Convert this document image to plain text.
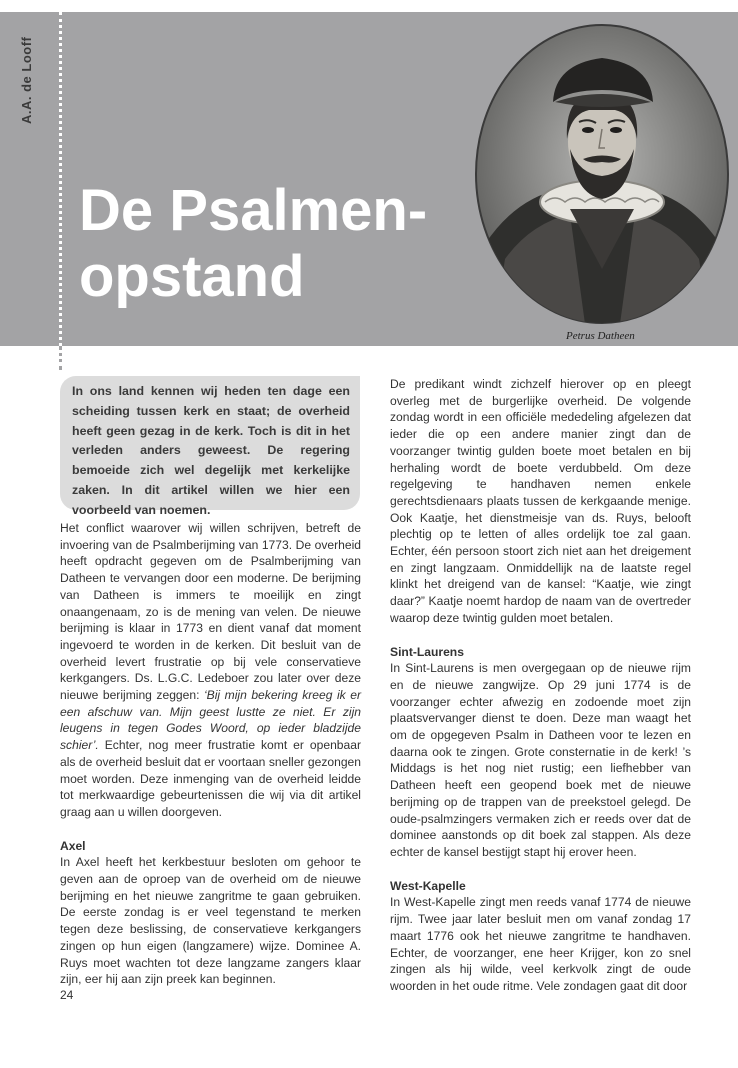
A.A. de Looff
De Psalmen-
opstand
Petrus Datheen
In ons land kennen wij heden ten dage een scheiding tussen kerk en staat; de overheid heeft geen gezag in de kerk. Toch is dit in het verleden anders geweest. De regering bemoeide zich wel degelijk met kerkelijke zaken. In dit artikel willen we hier een voorbeeld van noemen.

Het conflict waarover wij willen schrijven, betreft de invoering van de Psalmberijming van 1773. De overheid heeft opdracht gegeven om de Psalmberijming van Datheen te vervangen door een moderne. De berijming van Datheen is immers te moeilijk en zingt onaangenaam, zo is de mening van velen. De nieuwe berijming is klaar in 1773 en dient vanaf dat moment ingevoerd te worden in de kerken. Dit besluit van de overheid levert frustratie op bij vele conservatieve kerkgangers. Ds. L.G.C. Ledeboer zou later over deze nieuwe berijming zeggen: ‘Bij mijn bekering kreeg ik er een afschuw van. Mijn geest lustte ze niet. Er zijn leugens in tegen Godes Woord, op ieder bladzijde schier’. Echter, nog meer frustratie komt er openbaar als de overheid besluit dat er voortaan sneller gezongen moet worden. Deze inmenging van de overheid leidde tot merkwaardige gebeurtenissen die wij via dit artikel graag aan u willen doorgeven.

Axel

In Axel heeft het kerkbestuur besloten om gehoor te geven aan de oproep van de overheid om de nieuwe berijming en het nieuwe zangritme te gaan gebruiken. De eerste zondag is er veel tegenstand te merken tegen deze beslissing, de conservatieve kerkgangers zingen op hun eigen (langzamere) wijze. Dominee A. Ruys moet wachten tot deze langzame zangers klaar zijn, eer hij aan zijn preek kan beginnen.

De predikant windt zichzelf hierover op en pleegt overleg met de burgerlijke overheid. De volgende zondag wordt in een officiële mededeling afgelezen dat ieder die op een andere manier zingt dan de voorzanger twintig gulden boete moet betalen en bij herhaling wordt de boete verdubbeld. Om deze regelgeving te handhaven nemen enkele gerechtsdienaars plaats tussen de kerkgaande menige. Ook Kaatje, het dienstmeisje van ds. Ruys, belooft plechtig op te letten of alles ordelijk toe zal gaan. Echter, één persoon stoort zich niet aan het dreigement en zingt langzaam. Onmiddellijk na de laatste regel klinkt het dreigend van de kansel: “Kaatje, wie zingt daar?” Kaatje noemt hardop de naam van de overtreder waarop deze twintig gulden moet betalen.

Sint-Laurens

In Sint-Laurens is men overgegaan op de nieuwe rijm en de nieuwe zangwijze. Op 29 juni 1774 is de voorzanger echter afwezig en zodoende moet zijn plaatsvervanger dienst te doen. Deze man waagt het om de opgegeven Psalm in Datheen voor te lezen en daarna ook te zingen. Grote consternatie in de kerk! ’s Middags is het nog niet rustig; een liefhebber van Datheen heeft een geopend boek met de nieuwe berijming op de trappen van de preekstoel gelegd. De oude-psalmzingers vermaken zich er reeds over dat de dominee aanstonds op dit boek zal stappen. Als deze echter de kansel bestijgt stapt hij erover heen.

West-Kapelle

In West-Kapelle zingt men reeds vanaf 1774 de nieuwe rijm. Twee jaar later besluit men om vanaf zondag 17 maart 1776 ook het nieuwe zangritme te handhaven. Echter, de voorzanger, ene heer Krijger, kon zo snel zingen als hij wilde, veel kerkvolk zingt de oude woorden in het oude ritme. Vele zondagen gaat dit door

24
